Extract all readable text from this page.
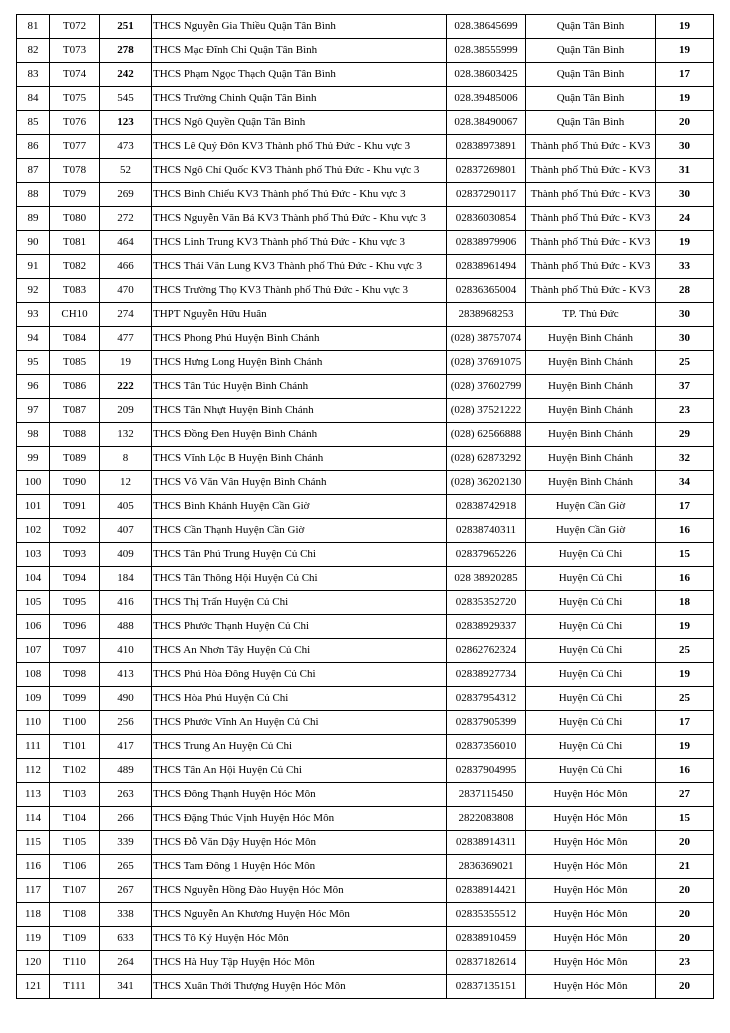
81	T072	251	THCS Nguyễn Gia Thiều Quận Tân Bình	028.38645699	Quận Tân Bình	19
82	T073	278	THCS Mạc Đĩnh Chi Quận Tân Bình	028.38555999	Quận Tân Bình	19
83	T074	242	THCS Phạm Ngọc Thạch Quận Tân Bình	028.38603425	Quận Tân Bình	17
84	T075	545	THCS Trường Chinh Quận Tân Bình	028.39485006	Quận Tân Bình	19
85	T076	123	THCS Ngô Quyền Quận Tân Bình	028.38490067	Quận Tân Bình	20
86	T077	473	THCS Lê Quý Đôn KV3 Thành phố Thủ Đức - Khu vực 3	02838973891	Thành phố Thủ Đức - KV3	30
87	T078	52	THCS Ngô Chí Quốc KV3 Thành phố Thủ Đức - Khu vực 3	02837269801	Thành phố Thủ Đức - KV3	31
88	T079	269	THCS Bình Chiểu KV3 Thành phố Thủ Đức - Khu vực 3	02837290117	Thành phố Thủ Đức - KV3	30
89	T080	272	THCS Nguyễn Văn Bá KV3 Thành phố Thủ Đức - Khu vực 3	02836030854	Thành phố Thủ Đức - KV3	24
90	T081	464	THCS Linh Trung KV3 Thành phố Thủ Đức - Khu vực 3	02838979906	Thành phố Thủ Đức - KV3	19
91	T082	466	THCS Thái Văn Lung KV3 Thành phố Thủ Đức - Khu vực 3	02838961494	Thành phố Thủ Đức - KV3	33
92	T083	470	THCS Trường Thọ KV3 Thành phố Thủ Đức - Khu vực 3	02836365004	Thành phố Thủ Đức - KV3	28
93	CH10	274	THPT Nguyễn Hữu Huân	2838968253	TP. Thủ Đức	30
94	T084	477	THCS Phong Phú Huyện Bình Chánh	(028) 38757074	Huyện Bình Chánh	30
95	T085	19	THCS Hưng Long Huyện Bình Chánh	(028) 37691075	Huyện Bình Chánh	25
96	T086	222	THCS Tân Túc Huyện Bình Chánh	(028) 37602799	Huyện Bình Chánh	37
97	T087	209	THCS Tân Nhựt Huyện Bình Chánh	(028) 37521222	Huyện Bình Chánh	23
98	T088	132	THCS Đồng Đen Huyện Bình Chánh	(028) 62566888	Huyện Bình Chánh	29
99	T089	8	THCS Vĩnh Lộc B Huyện Bình Chánh	(028) 62873292	Huyện Bình Chánh	32
100	T090	12	THCS Võ Văn Vân Huyện Bình Chánh	(028) 36202130	Huyện Bình Chánh	34
101	T091	405	THCS Bình Khánh Huyện Cần Giờ	02838742918	Huyện Cần Giờ	17
102	T092	407	THCS Cần Thạnh Huyện Cần Giờ	02838740311	Huyện Cần Giờ	16
103	T093	409	THCS Tân Phú Trung Huyện Củ Chi	02837965226	Huyện Củ Chi	15
104	T094	184	THCS Tân Thông Hội Huyện Củ Chi	028 38920285	Huyện Củ Chi	16
105	T095	416	THCS Thị Trấn Huyện Củ Chi	02835352720	Huyện Củ Chi	18
106	T096	488	THCS Phước Thạnh Huyện Củ Chi	02838929337	Huyện Củ Chi	19
107	T097	410	THCS An Nhơn Tây Huyện Củ Chi	02862762324	Huyện Củ Chi	25
108	T098	413	THCS Phú Hòa Đông Huyện Củ Chi	02838927734	Huyện Củ Chi	19
109	T099	490	THCS Hòa Phú Huyện Củ Chi	02837954312	Huyện Củ Chi	25
110	T100	256	THCS Phước Vĩnh An Huyện Củ Chi	02837905399	Huyện Củ Chi	17
111	T101	417	THCS Trung An Huyện Củ Chi	02837356010	Huyện Củ Chi	19
112	T102	489	THCS Tân An Hội Huyện Củ Chi	02837904995	Huyện Củ Chi	16
113	T103	263	THCS Đông Thạnh Huyện Hóc Môn	2837115450	Huyện Hóc Môn	27
114	T104	266	THCS Đặng Thúc Vịnh Huyện Hóc Môn	2822083808	Huyện Hóc Môn	15
115	T105	339	THCS Đỗ Văn Dậy Huyện Hóc Môn	02838914311	Huyện Hóc Môn	20
116	T106	265	THCS Tam Đông 1 Huyện Hóc Môn	2836369021	Huyện Hóc Môn	21
117	T107	267	THCS Nguyễn Hồng Đào Huyện Hóc Môn	02838914421	Huyện Hóc Môn	20
118	T108	338	THCS Nguyễn An Khương Huyện Hóc Môn	02835355512	Huyện Hóc Môn	20
119	T109	633	THCS Tô Ký Huyện Hóc Môn	02838910459	Huyện Hóc Môn	20
120	T110	264	THCS Hà Huy Tập Huyện Hóc Môn	02837182614	Huyện Hóc Môn	23
121	T111	341	THCS Xuân Thới Thượng Huyện Hóc Môn	02837135151	Huyện Hóc Môn	20
